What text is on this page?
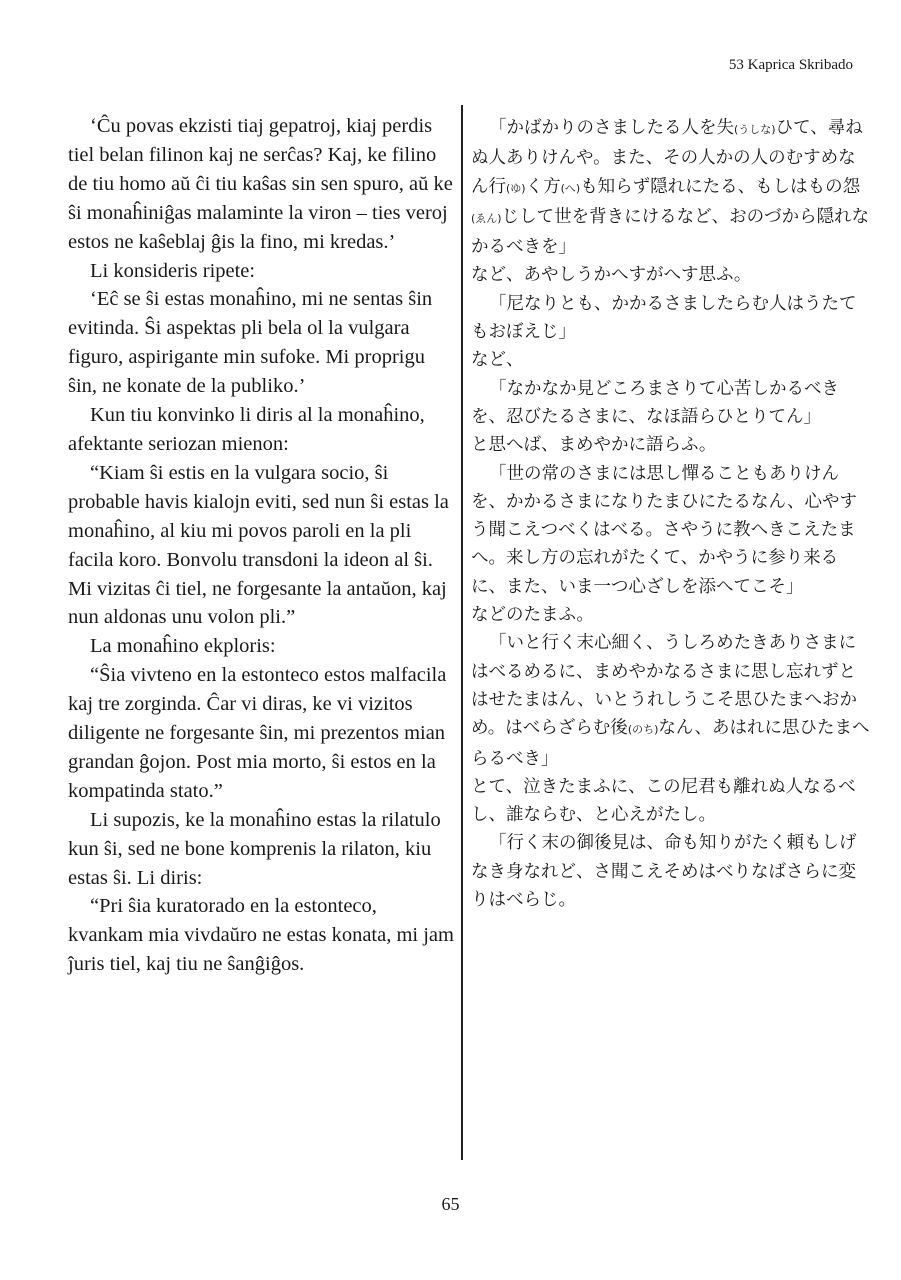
53 Kaprica Skribado

‘Ĉu povas ekzisti tiaj gepatroj, kiaj perdis tiel belan filinon kaj ne serĉas? Kaj, ke filino de tiu homo aŭ ĉi tiu kaŝas sin sen spuro, aŭ ke ŝi monaĥiniĝas malaminte la viron – ties veroj estos ne kaŝeblaj ĝis la fino, mi kredas.’

Li konsideris ripete:

‘Eĉ se ŝi estas monaĥino, mi ne sentas ŝin evitinda. Ŝi aspektas pli bela ol la vulgara figuro, aspirigante min sufoke. Mi proprigu ŝin, ne konate de la publiko.’

Kun tiu konvinko li diris al la monaĥino, afektante seriozan mienon:

“Kiam ŝi estis en la vulgara socio, ŝi probable havis kialojn eviti, sed nun ŝi estas la monaĥino, al kiu mi povos paroli en la pli facila koro. Bonvolu transdoni la ideon al ŝi. Mi vizitas ĉi tiel, ne forgesante la antaŭon, kaj nun aldonas unu volon pli.”

La monaĥino ekploris:

“Ŝia vivteno en la estonteco estos malfacila kaj tre zorginda. Ĉar vi diras, ke vi vizitos diligente ne forgesante ŝin, mi prezentos mian grandan ĝojon. Post mia morto, ŝi estos en la kompatinda stato.”

Li supozis, ke la monaĥino estas la rilatulo kun ŝi, sed ne bone komprenis la rilaton, kiu estas ŝi. Li diris:

“Pri ŝia kuratorado en la estonteco, kvankam mia vivdaŭro ne estas konata, mi jam ĵuris tiel, kaj tiu ne ŝanĝiĝos.

「かばかりのさましたる人を失(うしな)ひて、尋ねぬ人ありけんや。また、その人かの人のむすめなん行(ゆ)く方(へ)も知らず隠れにたる、もしはもの怨(ゑん)じして世を背きにけるなど、おのづから隠れなかるべきを」

など、あやしうかへすがへす思ふ。

「尼なりとも、かかるさましたらむ人はうたてもおぼえじ」

など、

「なかなか見どころまさりて心苦しかるべきを、忍びたるさまに、なほ語らひとりてん」

と思へば、まめやかに語らふ。

「世の常のさまには思し憚ることもありけんを、かかるさまになりたまひにたるなん、心やすう聞こえつべくはべる。さやうに教へきこえたまへ。来し方の忘れがたくて、かやうに参り来るに、また、いま一つ心ざしを添へてこそ」

などのたまふ。

「いと行く末心細く、うしろめたきありさまにはべるめるに、まめやかなるさまに思し忘れずとはせたまはん、いとうれしうこそ思ひたまへおかめ。はべらざらむ後(のち)なん、あはれに思ひたまへらるべき」

とて、泣きたまふに、この尼君も離れぬ人なるべし、誰ならむ、と心えがたし。

「行く末の御後見は、命も知りがたく頼もしげなき身なれど、さ聞こえそめはべりなばさらに変りはべらじ。

65
